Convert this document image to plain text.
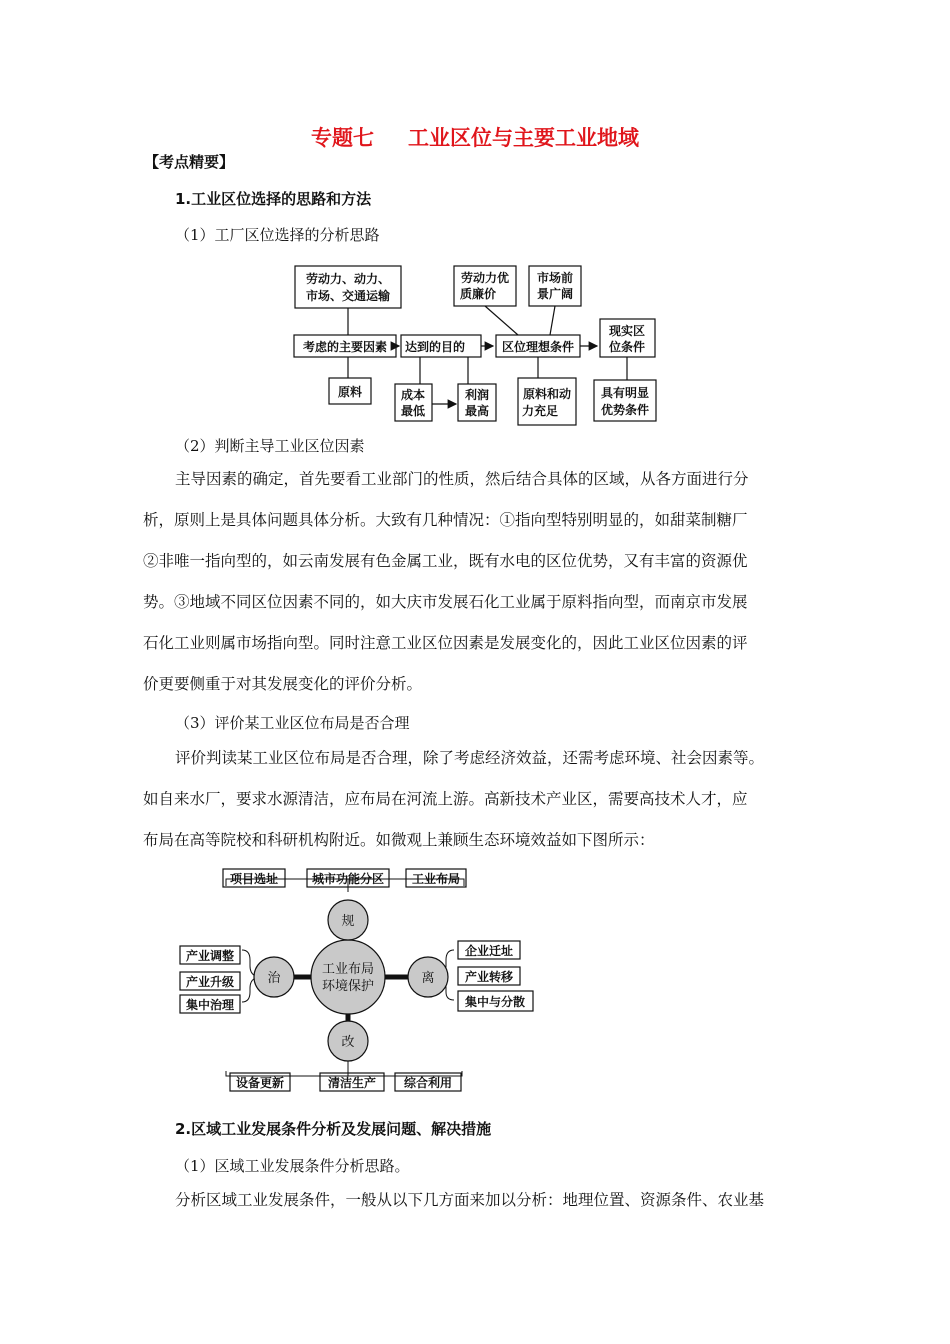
专题七 工业区位与主要工业地域
【考点精要】
1.工业区位选择的思路和方法
（1）工厂区位选择的分析思路
劳动力、动力、
市场、交通运输
考虑的主要因素
原料
达到的目的
成本
最低
利润
最高
劳动力优
质廉价
市场前
景广阔
区位理想条件
原料和动
力充足
现实区
位条件
具有明显
优势条件
（2）判断主导工业区位因素
主导因素的确定，首先要看工业部门的性质，然后结合具体的区域，从各方面进行分
析，原则上是具体问题具体分析。大致有几种情况：①指向型特别明显的，如甜菜制糖厂
②非唯一指向型的，如云南发展有色金属工业，既有水电的区位优势，又有丰富的资源优
势。③地域不同区位因素不同的，如大庆市发展石化工业属于原料指向型，而南京市发展
石化工业则属市场指向型。同时注意工业区位因素是发展变化的，因此工业区位因素的评
价更要侧重于对其发展变化的评价分析。
（3）评价某工业区位布局是否合理
评价判读某工业区位布局是否合理，除了考虑经济效益，还需考虑环境、社会因素等。
如自来水厂，要求水源清洁，应布局在河流上游。高新技术产业区，需要高技术人才，应
布局在高等院校和科研机构附近。如微观上兼顾生态环境效益如下图所示：
工业布局
环境保护
规
离
改
治
项目选址	城市功能分区 工业布局
企业迁址
产业转移
集中与分散
设备更新	清洁生产 综合利用
产业调整
产业升级
集中治理
2.区域工业发展条件分析及发展问题、解决措施
（1）区域工业发展条件分析思路。
分析区域工业发展条件，一般从以下几方面来加以分析：地理位置、资源条件、农业基
